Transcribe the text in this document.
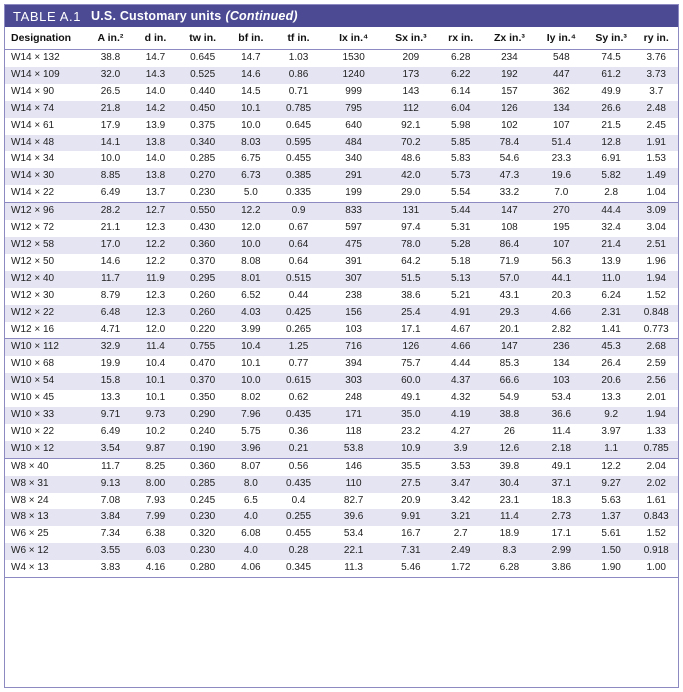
TABLE A.1 U.S. Customary units (Continued)
Designation	A in.²	d in.	tw in.	bf in.	tf in.	Ix in.⁴	Sx in.³	rx in.	Zx in.³	Iy in.⁴	Sy in.³	ry in.
W14 × 132	38.8	14.7	0.645	14.7	1.03	1530	209	6.28	234	548	74.5	3.76
W14 × 109	32.0	14.3	0.525	14.6	0.86	1240	173	6.22	192	447	61.2	3.73
W14 × 90	26.5	14.0	0.440	14.5	0.71	999	143	6.14	157	362	49.9	3.7
W14 × 74	21.8	14.2	0.450	10.1	0.785	795	112	6.04	126	134	26.6	2.48
W14 × 61	17.9	13.9	0.375	10.0	0.645	640	92.1	5.98	102	107	21.5	2.45
W14 × 48	14.1	13.8	0.340	8.03	0.595	484	70.2	5.85	78.4	51.4	12.8	1.91
W14 × 34	10.0	14.0	0.285	6.75	0.455	340	48.6	5.83	54.6	23.3	6.91	1.53
W14 × 30	8.85	13.8	0.270	6.73	0.385	291	42.0	5.73	47.3	19.6	5.82	1.49
W14 × 22	6.49	13.7	0.230	5.0	0.335	199	29.0	5.54	33.2	7.0	2.8	1.04
W12 × 96	28.2	12.7	0.550	12.2	0.9	833	131	5.44	147	270	44.4	3.09
W12 × 72	21.1	12.3	0.430	12.0	0.67	597	97.4	5.31	108	195	32.4	3.04
W12 × 58	17.0	12.2	0.360	10.0	0.64	475	78.0	5.28	86.4	107	21.4	2.51
W12 × 50	14.6	12.2	0.370	8.08	0.64	391	64.2	5.18	71.9	56.3	13.9	1.96
W12 × 40	11.7	11.9	0.295	8.01	0.515	307	51.5	5.13	57.0	44.1	11.0	1.94
W12 × 30	8.79	12.3	0.260	6.52	0.44	238	38.6	5.21	43.1	20.3	6.24	1.52
W12 × 22	6.48	12.3	0.260	4.03	0.425	156	25.4	4.91	29.3	4.66	2.31	0.848
W12 × 16	4.71	12.0	0.220	3.99	0.265	103	17.1	4.67	20.1	2.82	1.41	0.773
W10 × 112	32.9	11.4	0.755	10.4	1.25	716	126	4.66	147	236	45.3	2.68
W10 × 68	19.9	10.4	0.470	10.1	0.77	394	75.7	4.44	85.3	134	26.4	2.59
W10 × 54	15.8	10.1	0.370	10.0	0.615	303	60.0	4.37	66.6	103	20.6	2.56
W10 × 45	13.3	10.1	0.350	8.02	0.62	248	49.1	4.32	54.9	53.4	13.3	2.01
W10 × 33	9.71	9.73	0.290	7.96	0.435	171	35.0	4.19	38.8	36.6	9.2	1.94
W10 × 22	6.49	10.2	0.240	5.75	0.36	118	23.2	4.27	26	11.4	3.97	1.33
W10 × 12	3.54	9.87	0.190	3.96	0.21	53.8	10.9	3.9	12.6	2.18	1.1	0.785
W8 × 40	11.7	8.25	0.360	8.07	0.56	146	35.5	3.53	39.8	49.1	12.2	2.04
W8 × 31	9.13	8.00	0.285	8.0	0.435	110	27.5	3.47	30.4	37.1	9.27	2.02
W8 × 24	7.08	7.93	0.245	6.5	0.4	82.7	20.9	3.42	23.1	18.3	5.63	1.61
W8 × 13	3.84	7.99	0.230	4.0	0.255	39.6	9.91	3.21	11.4	2.73	1.37	0.843
W6 × 25	7.34	6.38	0.320	6.08	0.455	53.4	16.7	2.7	18.9	17.1	5.61	1.52
W6 × 12	3.55	6.03	0.230	4.0	0.28	22.1	7.31	2.49	8.3	2.99	1.50	0.918
W4 × 13	3.83	4.16	0.280	4.06	0.345	11.3	5.46	1.72	6.28	3.86	1.90	1.00
